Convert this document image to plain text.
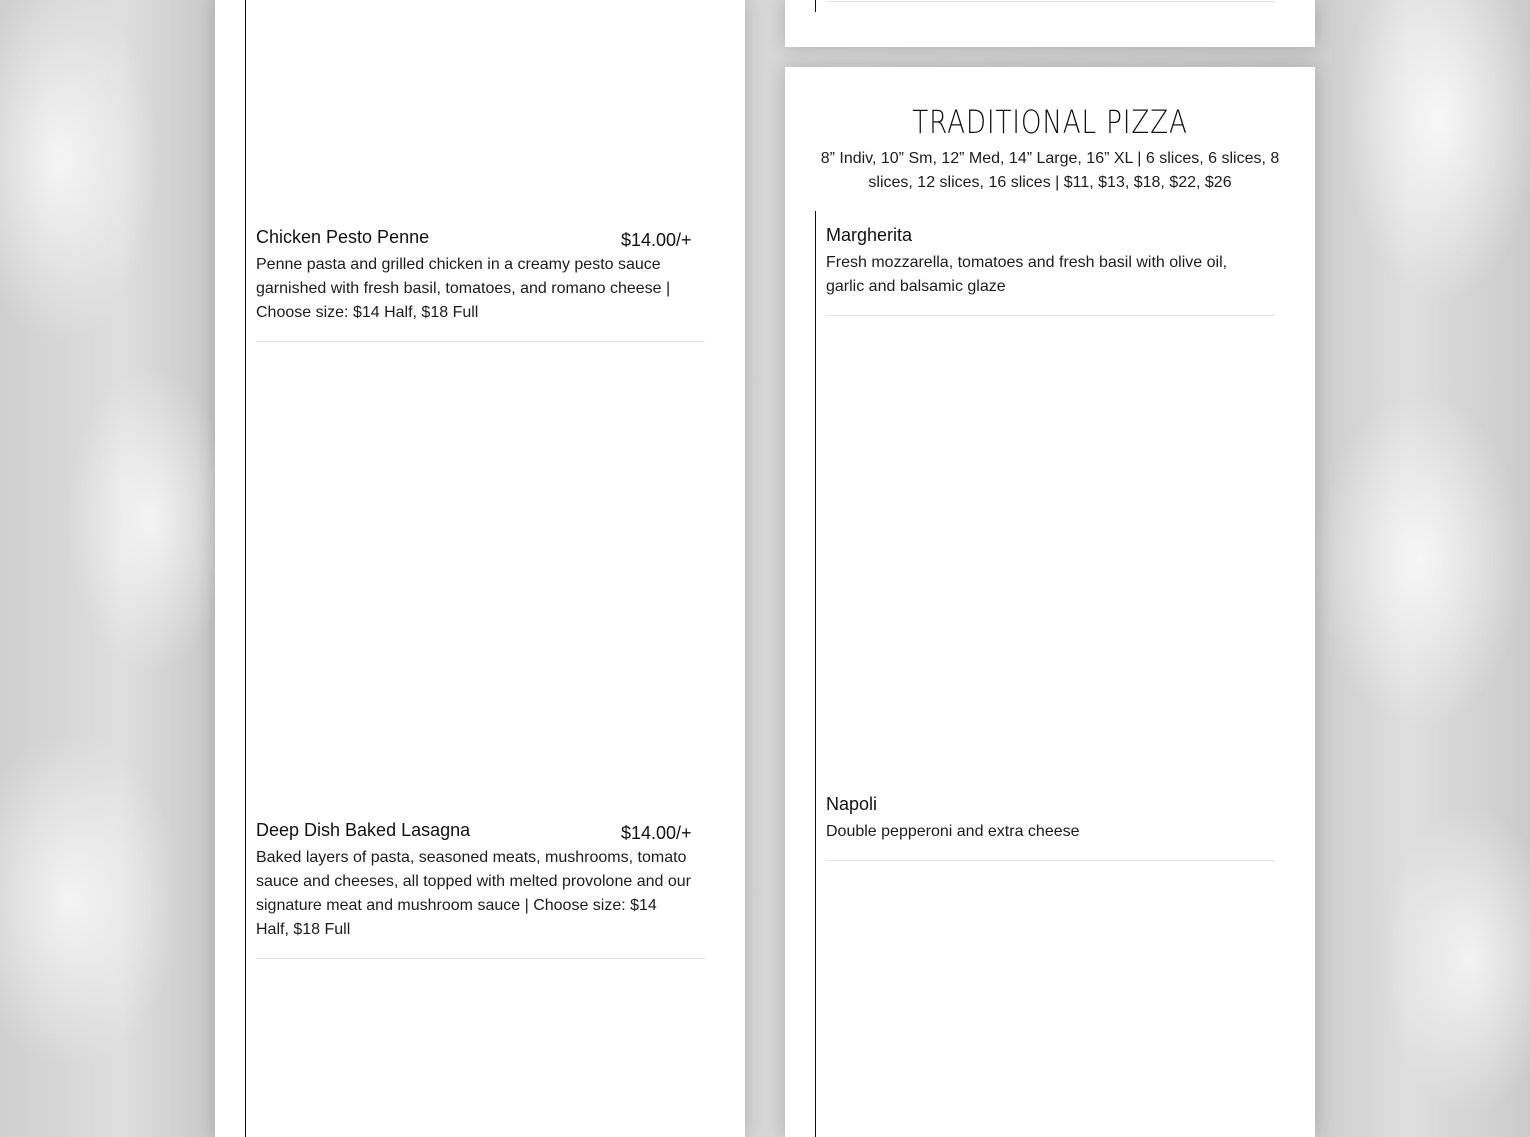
Chicken Pesto Penne	$14.00/+
Penne pasta and grilled chicken in a creamy pesto sauce garnished with fresh basil, tomatoes, and romano cheese | Choose size: $14 Half, $18 Full
Deep Dish Baked Lasagna	$14.00/+
Baked layers of pasta, seasoned meats, mushrooms, tomato sauce and cheeses, all topped with melted provolone and our signature meat and mushroom sauce | Choose size: $14 Half, $18 Full
TRADITIONAL PIZZA
8” Indiv, 10” Sm, 12” Med, 14” Large, 16” XL | 6 slices, 6 slices, 8 slices, 12 slices, 16 slices | $11, $13, $18, $22, $26
Margherita
Fresh mozzarella, tomatoes and fresh basil with olive oil, garlic and balsamic glaze
Napoli
Double pepperoni and extra cheese
